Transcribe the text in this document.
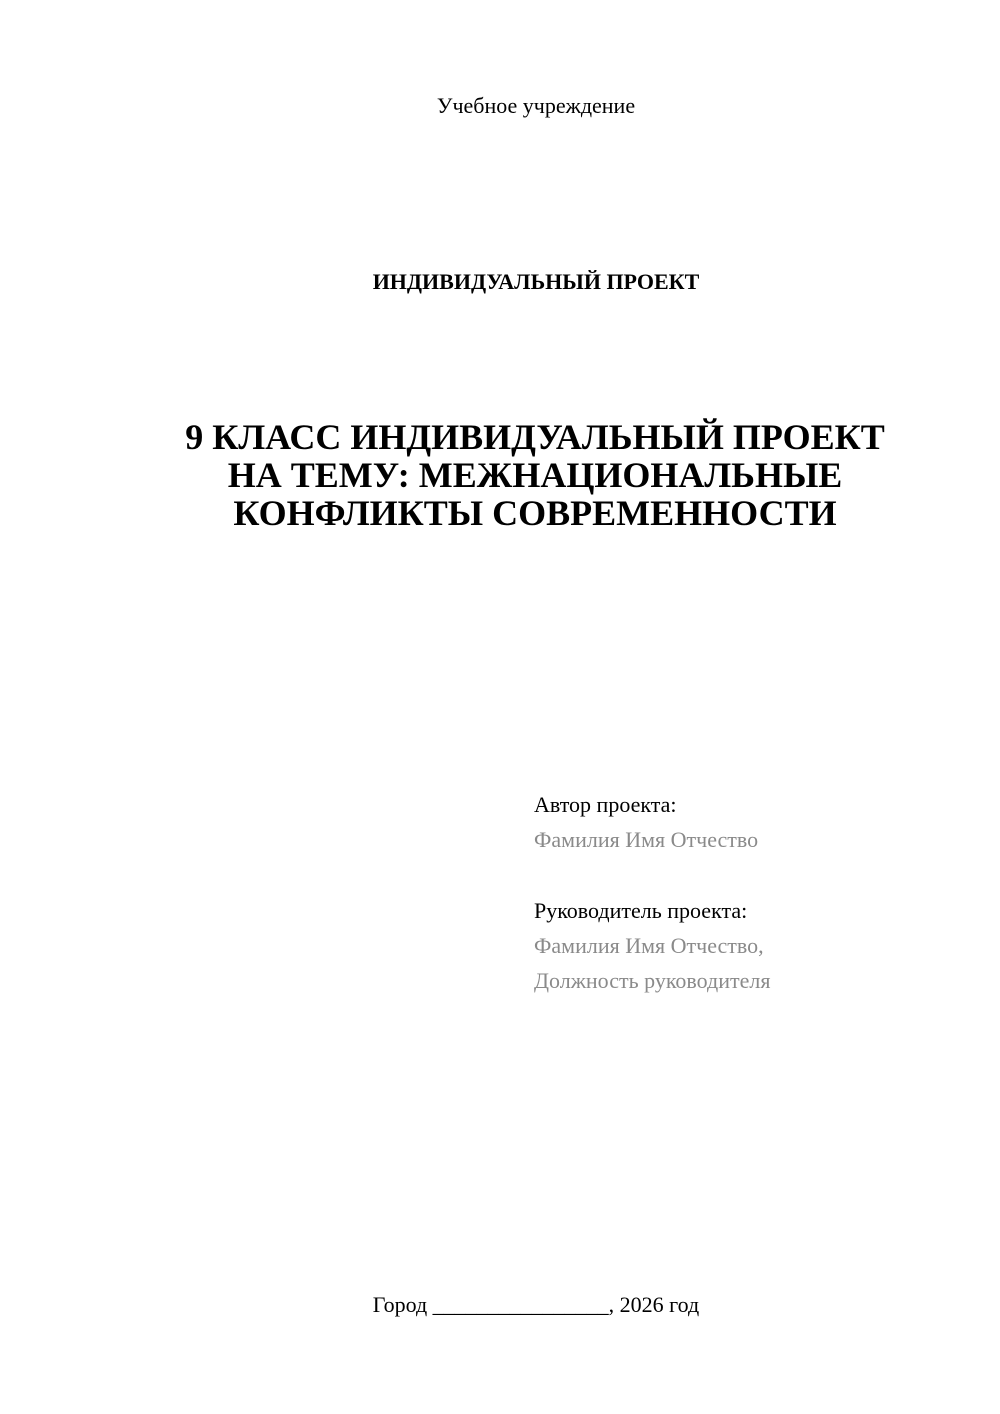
Учебное учреждение
ИНДИВИДУАЛЬНЫЙ ПРОЕКТ
9 КЛАСС ИНДИВИДУАЛЬНЫЙ ПРОЕКТ
НА ТЕМУ: МЕЖНАЦИОНАЛЬНЫЕ
КОНФЛИКТЫ СОВРЕМЕННОСТИ
Автор проекта:
Фамилия Имя Отчество
Руководитель проекта:
Фамилия Имя Отчество,
Должность руководителя
Город ________________, 2026 год
